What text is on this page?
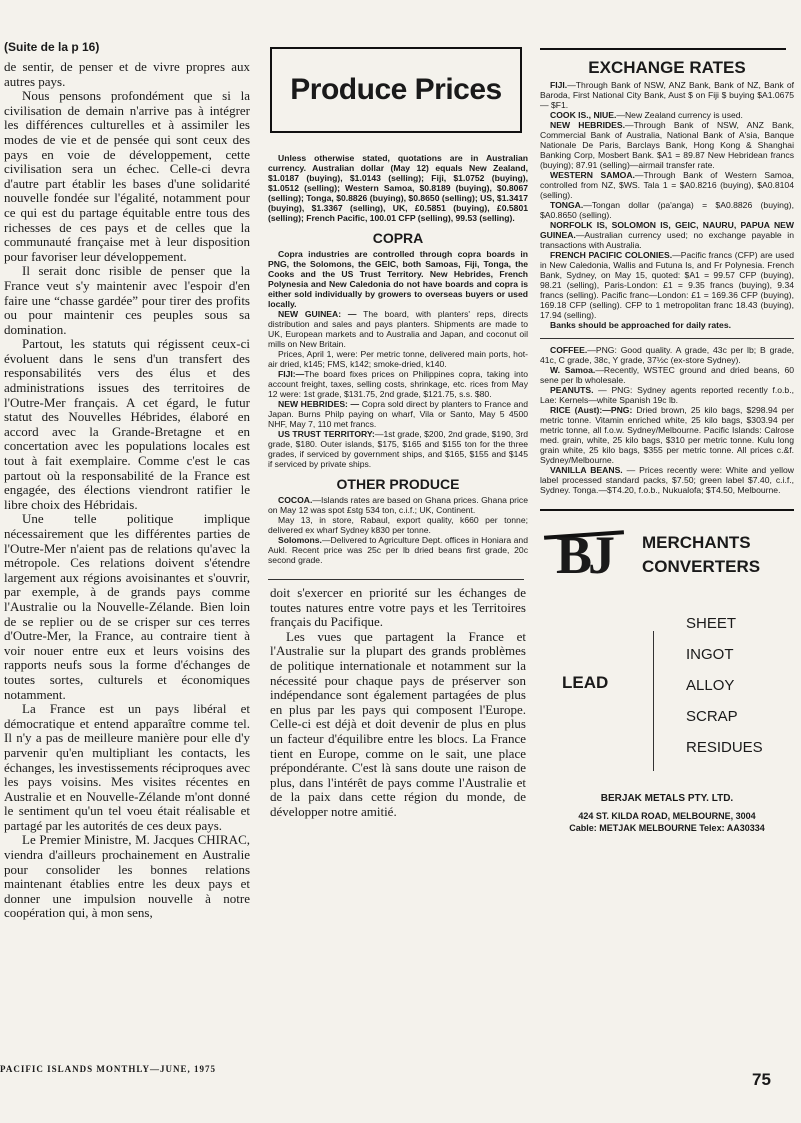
(Suite de la p 16)

de sentir, de penser et de vivre propres aux autres pays.

Nous pensons profondément que si la civilisation de demain n'arrive pas à intégrer les différences culturelles et à assimiler les modes de vie et de pensée qui sont ceux des pays en voie de développement, cette civilisation sera un échec. Celle-ci devra d'autre part établir les bases d'une solidarité nouvelle fondée sur l'égalité, notamment pour ce qui est du partage équitable entre tous des richesses de ces pays et de celles que la communauté française met à leur disposition pour favoriser leur développement.

Il serait donc risible de penser que la France veut s'y maintenir avec l'espoir d'en faire une “chasse gardée” pour tirer des profits ou pour maintenir ces peuples sous sa domination.

Partout, les statuts qui régissent ceux-ci évoluent dans le sens d'un transfert des responsabilités vers des élus et des administrations issues des territoires de l'Outre-Mer français. A cet égard, le futur statut des Nouvelles Hébrides, élaboré en accord avec la Grande-Bretagne et en concertation avec les populations locales est tout à fait exemplaire. Comme c'est le cas partout où la responsabilité de la France est engagée, des élections viendront ratifier le libre choix des Hébridais.

Une telle politique implique nécessairement que les différentes parties de l'Outre-Mer n'aient pas de relations qu'avec la métropole. Ces relations doivent s'étendre largement aux régions avoisinantes et s'ouvrir, par exemple, à de grands pays comme l'Australie ou la Nouvelle-Zélande. Bien loin de se replier ou de se crisper sur ces terres d'Outre-Mer, la France, au contraire tient à voir nouer entre eux et leurs voisins des rapports neufs sous la forme d'échanges de toutes sortes, culturels et économiques notamment.

La France est un pays libéral et démocratique et entend apparaître comme tel. Il n'y a pas de meilleure manière pour elle d'y parvenir qu'en multipliant les contacts, les échanges, les investissements réciproques avec les pays voisins. Mes visites récentes en Australie et en Nouvelle-Zélande m'ont donné le sentiment qu'un tel voeu était réalisable et partagé par les autorités de ces deux pays.

Le Premier Ministre, M. Jacques CHIRAC, viendra d'ailleurs prochainement en Australie pour consolider les bonnes relations maintenant établies entre les deux pays et donner une impulsion nouvelle à notre coopération qui, à mon sens,

Produce Prices

Unless otherwise stated, quotations are in Australian currency. Australian dollar (May 12) equals New Zealand, $1.0187 (buying), $1.0143 (selling); Fiji, $1.0752 (buying), $1.0512 (selling); Western Samoa, $0.8189 (buying), $0.8067 (selling); Tonga, $0.8826 (buying), $0.8650 (selling); US, $1.3417 (buying), $1.3367 (selling), UK, £0.5851 (buying), £0.5801 (selling); French Pacific, 100.01 CFP (selling), 99.53 (selling).

COPRA

Copra industries are controlled through copra boards in PNG, the Solomons, the GEIC, both Samoas, Fiji, Tonga, the Cooks and the US Trust Territory. New Hebrides, French Polynesia and New Caledonia do not have boards and copra is either sold individually by growers to overseas buyers or used locally.

NEW GUINEA: — The board, with planters' reps, directs distribution and sales and pays planters. Shipments are made to UK, European markets and to Australia and Japan, and coconut oil mills on New Britain.

Prices, April 1, were: Per metric tonne, delivered main ports, hot-air dried, k145; FMS, k142; smoke-dried, k140.

FIJI:—The board fixes prices on Philippines copra, taking into account freight, taxes, selling costs, shrinkage, etc. rices from May 12 were: 1st grade, $131.75, 2nd grade, $121.75, s.s. $80.

NEW HEBRIDES: — Copra sold direct by planters to France and Japan. Burns Philp paying on wharf, Vila or Santo, May 5 4500 NHF, May 7, 110 met francs.

US TRUST TERRITORY:—1st grade, $200, 2nd grade, $190, 3rd grade, $180. Outer islands, $175, $165 and $155 ton for the three grades, if serviced by government ships, and $165, $155 and $145 if serviced by private ships.

OTHER PRODUCE

COCOA.—Islands rates are based on Ghana prices. Ghana price on May 12 was spot £stg 534 ton, c.i.f.; UK, Continent.

May 13, in store, Rabaul, export quality, k660 per tonne; delivered ex wharf Sydney k830 per tonne.

Solomons.—Delivered to Agriculture Dept. offices in Honiara and Aukl. Recent price was 25c per lb dried beans first grade, 20c second grade.

doit s'exercer en priorité sur les échanges de toutes natures entre votre pays et les Territoires français du Pacifique.

Les vues que partagent la France et l'Australie sur la plupart des grands problèmes de politique internationale et notamment sur la nécessité pour chaque pays de préserver son indépendance sont également partagées de plus en plus par les pays qui composent l'Europe. Celle-ci est déjà et doit devenir de plus en plus un facteur d'équilibre entre les blocs. La France tient en Europe, comme on le sait, une place prépondérante. C'est là sans doute une raison de plus, dans l'intérêt de pays comme l'Australie et de la paix dans cette région du monde, de développer notre amitié.

EXCHANGE RATES

FIJI.—Through Bank of NSW, ANZ Bank, Bank of NZ, Bank of Baroda, First National City Bank, Aust $ on Fiji $ buying $A1.0675 — $F1.

COOK IS., NIUE.—New Zealand currency is used.

NEW HEBRIDES.—Through Bank of NSW, ANZ Bank, Commercial Bank of Australia, National Bank of A'sia, Banque Nationale De Paris, Barclays Bank, Hong Kong & Shanghai Banking Corp, Mosbert Bank. $A1 = 89.87 New Hebridean francs (buying); 87.91 (selling)—airmail transfer rate.

WESTERN SAMOA.—Through Bank of Western Samoa, controlled from NZ, $WS. Tala 1 = $A0.8216 (buying), $A0.8104 (selling).

TONGA.—Tongan dollar (pa'anga) = $A0.8826 (buying), $A0.8650 (selling).

NORFOLK IS, SOLOMON IS, GEIC, NAURU, PAPUA NEW GUINEA.—Australian currency used; no exchange payable in transactions with Australia.

FRENCH PACIFIC COLONIES.—Pacific francs (CFP) are used in New Caledonia, Wallis and Futuna Is, and Fr Polynesia. French Bank, Sydney, on May 15, quoted: $A1 = 99.57 CFP (buying), 98.21 (selling), Paris-London: £1 = 9.35 francs (buying), 9.34 francs (selling). Pacific franc—London: £1 = 169.36 CFP (buying), 169.18 CFP (selling). CFP to 1 metropolitan franc 18.43 (buying), 17.94 (selling).

Banks should be approached for daily rates.

COFFEE.—PNG: Good quality. A grade, 43c per lb; B grade, 41c, C grade, 38c, Y grade, 37½c (ex-store Sydney).

W. Samoa.—Recently, WSTEC ground and dried beans, 60 sene per lb wholesale.

PEANUTS. — PNG: Sydney agents reported recently f.o.b., Lae: Kernels—white Spanish 19c lb.

RICE (Aust):—PNG: Dried brown, 25 kilo bags, $298.94 per metric tonne. Vitamin enriched white, 25 kilo bags, $303.94 per metric tonne, all f.o.w. Sydney/Melbourne. Pacific Islands: Calrose med. grain, white, 25 kilo bags, $310 per metric tonne. Kulu long grain white, 25 kilo bags, $355 per metric tonne. All prices c.&f. Sydney/Melbourne.

VANILLA BEANS. — Prices recently were: White and yellow label processed standard packs, $7.50; green label $7.40, c.i.f., Sydney. Tonga.—$T4.20, f.o.b., Nukualofa; $T4.50, Melbourne.

BJ MERCHANTS
CONVERTERS
LEAD
SHEET
INGOT
ALLOY
SCRAP
RESIDUES
BERJAK METALS PTY. LTD.
424 ST. KILDA ROAD, MELBOURNE, 3004
Cable: METJAK MELBOURNE Telex: AA30334
PACIFIC ISLANDS MONTHLY—JUNE, 1975
75
